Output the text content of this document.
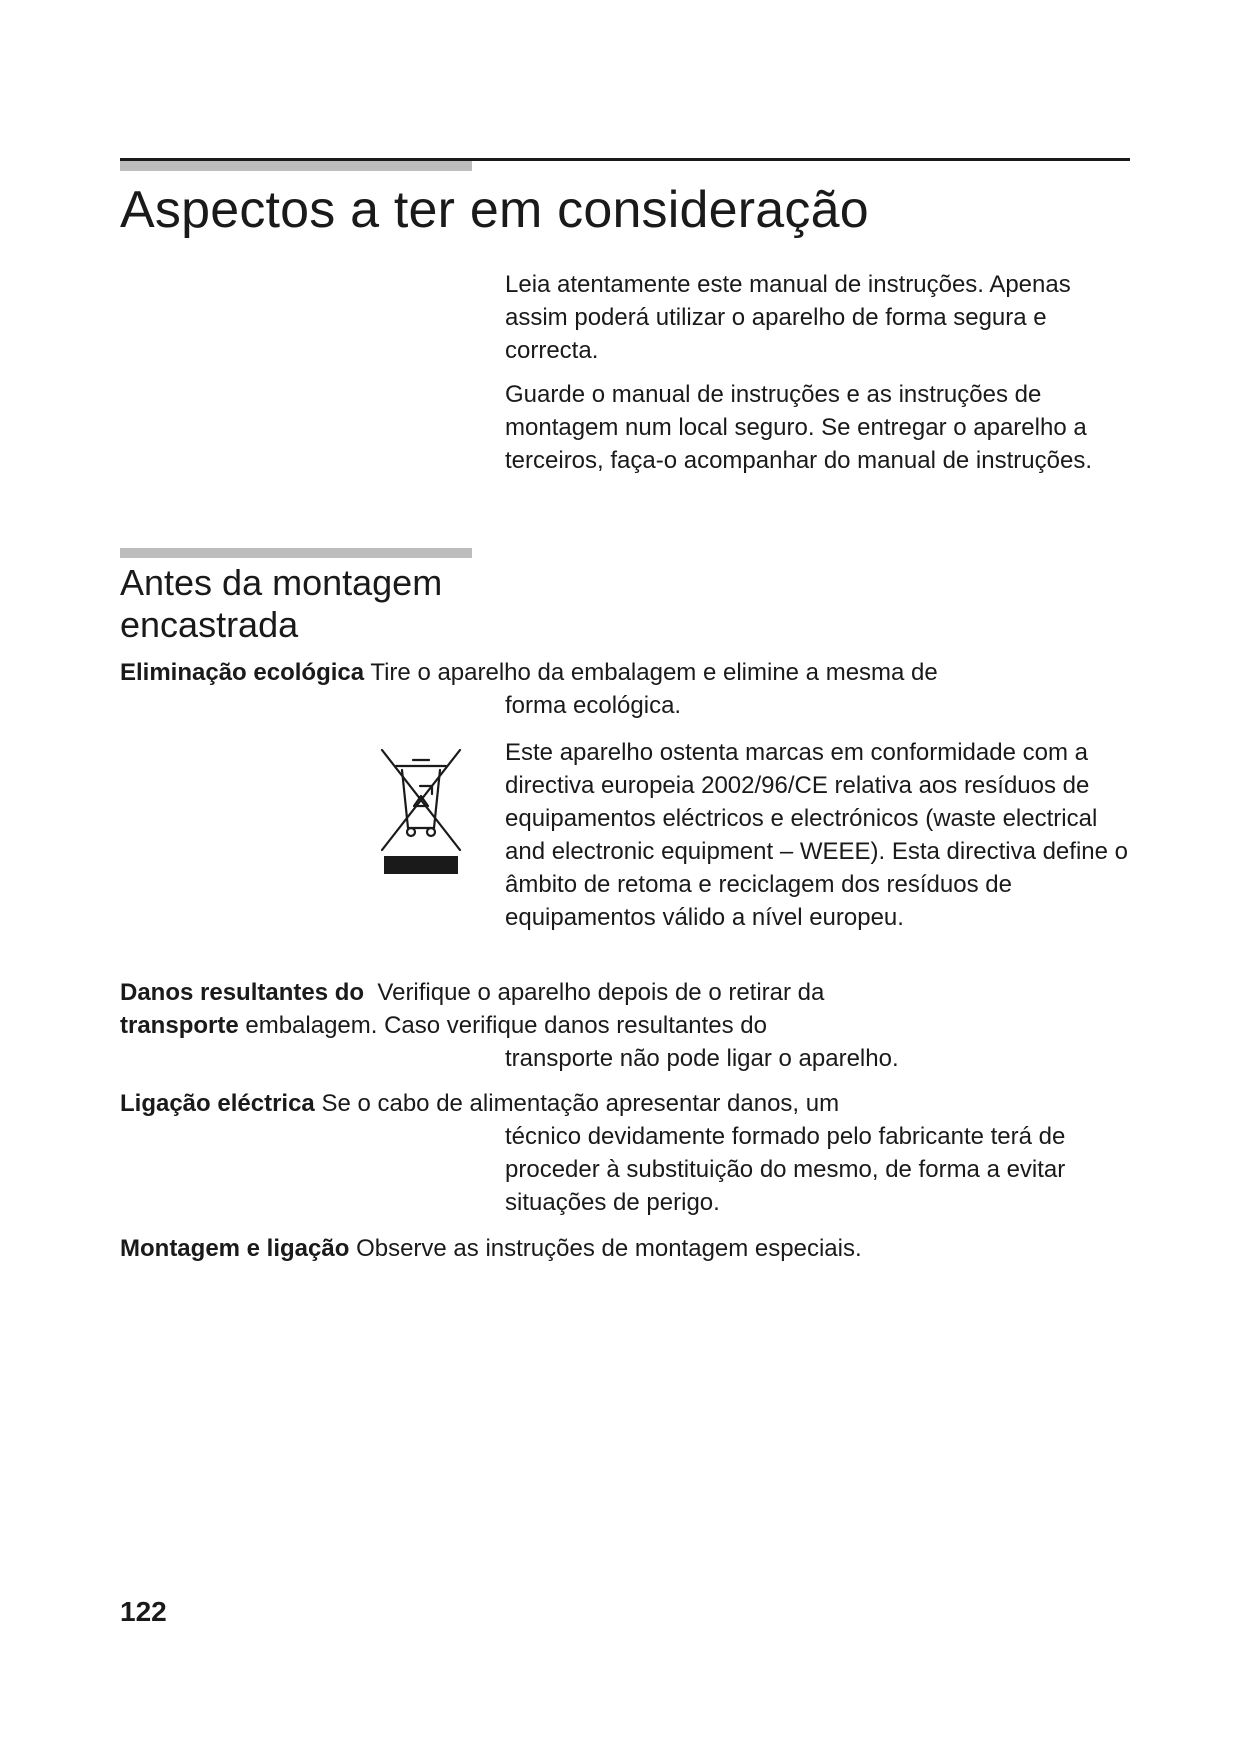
Aspectos a ter em consideração

Leia atentamente este manual de instruções. Apenas assim poderá utilizar o aparelho de forma segura e correcta.

Guarde o manual de instruções e as instruções de montagem num local seguro. Se entregar o aparelho a terceiros, faça-o acompanhar do manual de instruções.

Antes da montagem
encastrada
Eliminação ecológica Tire o aparelho da embalagem e elimine a mesma de
forma ecológica.

Este aparelho ostenta marcas em conformidade com a directiva europeia 2002/96/CE relativa aos resíduos de equipamentos eléctricos e electrónicos (waste electrical and electronic equipment – WEEE). Esta directiva define o âmbito de retoma e reciclagem dos resíduos de equipamentos válido a nível europeu.

Danos resultantes do Verifique o aparelho depois de o retirar da
transporte embalagem. Caso verifique danos resultantes do
transporte não pode ligar o aparelho.
Ligação eléctrica Se o cabo de alimentação apresentar danos, um
técnico devidamente formado pelo fabricante terá de proceder à substituição do mesmo, de forma a evitar situações de perigo.
Montagem e ligação Observe as instruções de montagem especiais.
122
